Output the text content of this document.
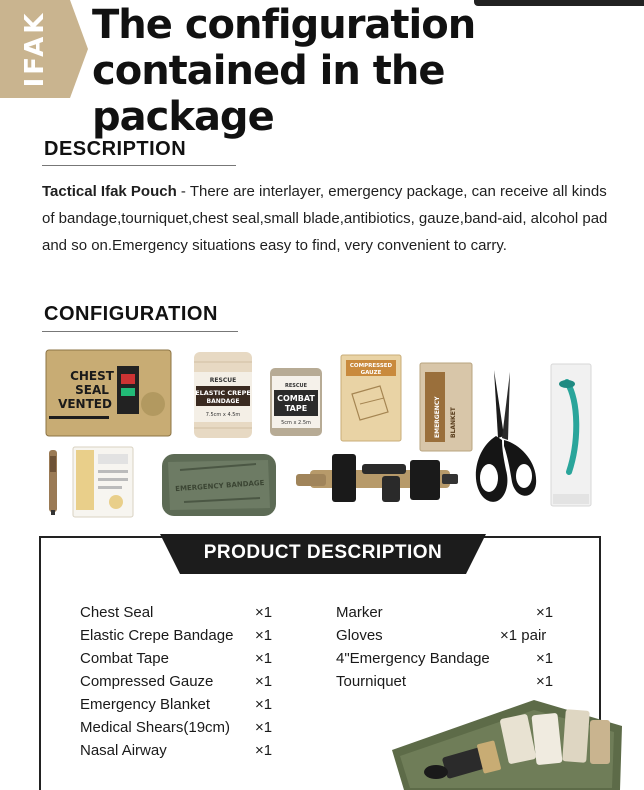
IFAK The configuration
contained in the package
DESCRIPTION
Tactical Ifak Pouch - There are interlayer, emergency package, can receive all kinds of bandage,tourniquet,chest seal,small blade,antibiotics, gauze,band-aid, alcohol pad and so on.Emergency situations easy to find, very convenient to carry.
CONFIGURATION
CHEST
SEAL
VENTED
RESCUE
ELASTIC CREPE
BANDAGE
7.5cm x 4.5m
RESCUE
COMBAT
TAPE
5cm x 2.5m
COMPRESSED
GAUZE
EMERGENCY BLANKET
EMERGENCY BANDAGE
PRODUCT DESCRIPTION
Chest Seal	×1
Elastic Crepe Bandage ×1
Combat Tape	×1
Compressed Gauze	×1
Emergency Blanket	×1
Medical Shears(19cm) ×1
Nasal Airway	×1
Marker	×1
Gloves	×1 pair
4"Emergency Bandage	×1
Tourniquet	×1
